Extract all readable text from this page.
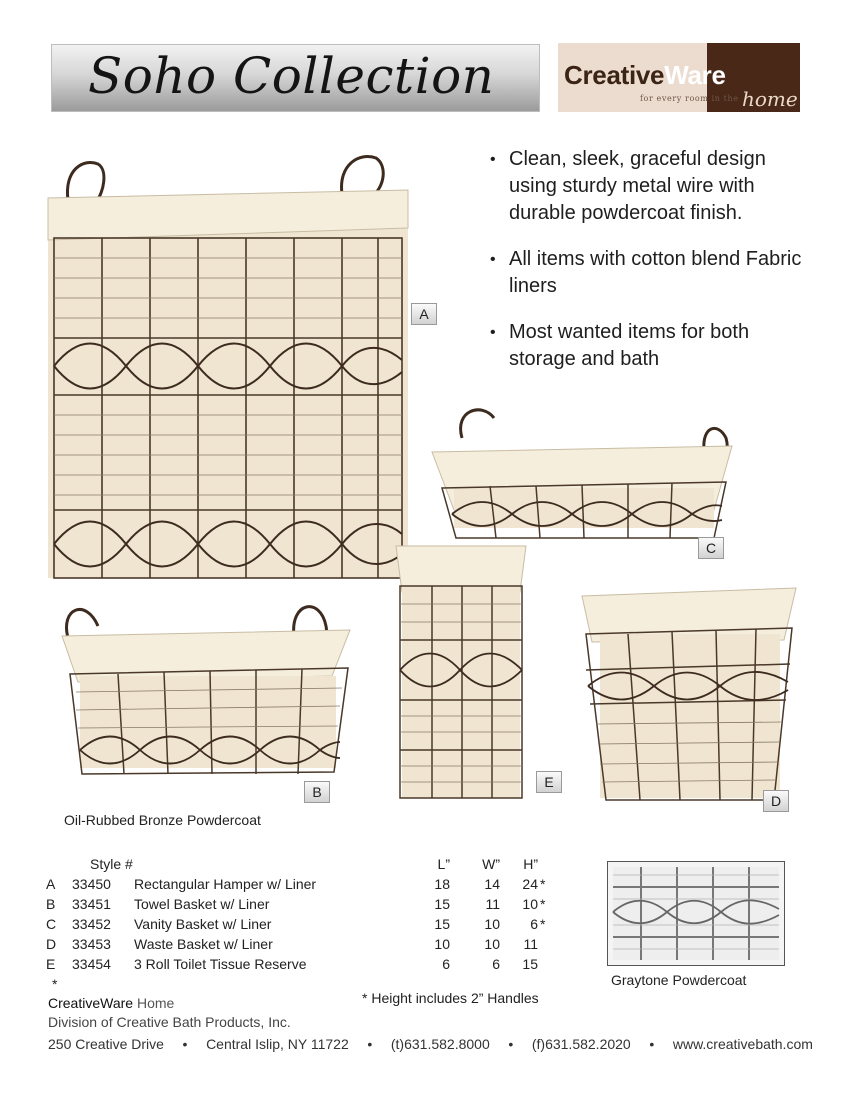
Soho Collection	CreativeWare
for every room in the home
• Clean, sleek, graceful design using sturdy metal wire with durable powdercoat finish.
• All items with cotton blend Fabric liners
• Most wanted items for both storage and bath
A
C
B
Oil-Rubbed Bronze Powdercoat
E
D
Graytone Powdercoat
	Style #		L”	W”	H”	
A	33450	Rectangular Hamper w/ Liner	18	14	24	*
B	33451	Towel Basket w/ Liner	15	11	10	*
C	33452	Vanity Basket w/ Liner	15	10	6	*
D	33453	Waste Basket w/ Liner	10	10	11	
E	33454	3 Roll Toilet Tissue Reserve	6	6	15	
*
* Height includes 2” Handles
CreativeWare Home
Division of Creative Bath Products, Inc.
250 Creative Drive • Central Islip, NY 11722 • (t)631.582.8000 • (f)631.582.2020 • www.creativebath.com
